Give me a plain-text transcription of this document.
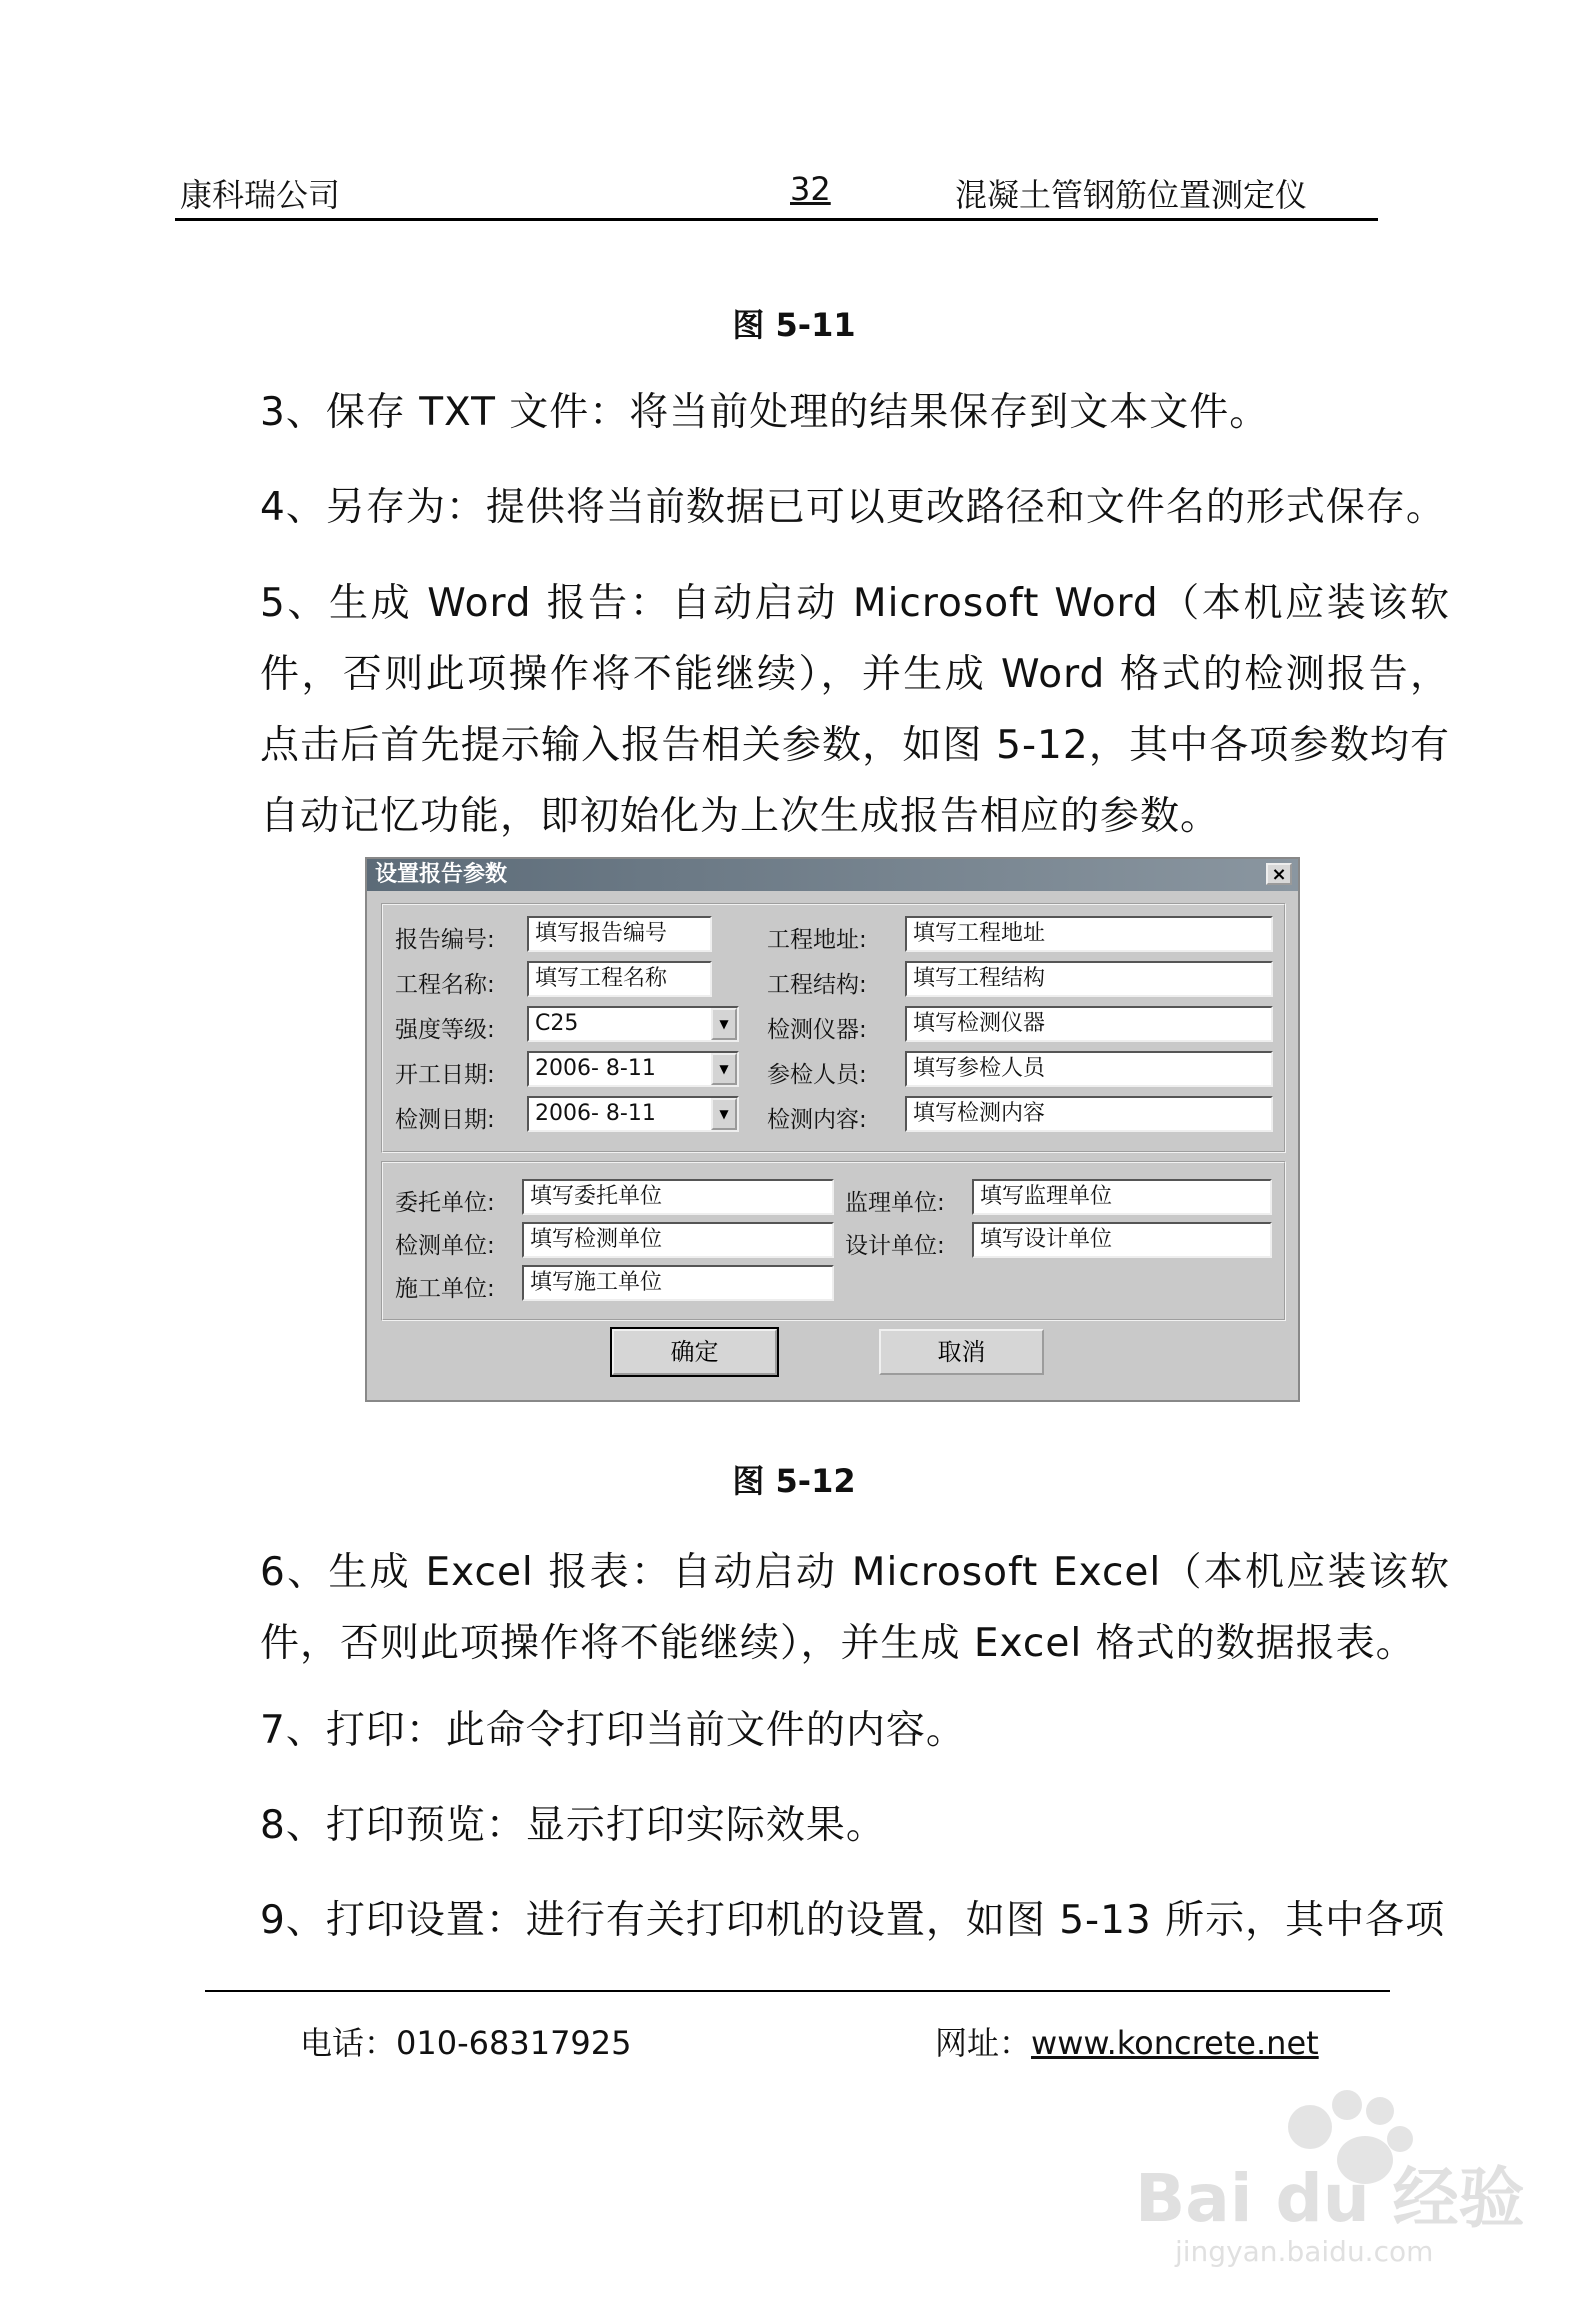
康科瑞公司	32	混凝土管钢筋位置测定仪
图 5-11
3、保存 TXT 文件：将当前处理的结果保存到文本文件。
4、另存为：提供将当前数据已可以更改路径和文件名的形式保存。
5、生成 Word 报告：自动启动 Microsoft Word（本机应装该软件，否则此项操作将不能继续），并生成 Word 格式的检测报告，点击后首先提示输入报告相关参数，如图 5-12，其中各项参数均有自动记忆功能，即初始化为上次生成报告相应的参数。
设置报告参数	×
报告编号:	填写报告编号
工程名称:	填写工程名称
强度等级:	C25	▼
开工日期:	2006- 8-11	▼
检测日期:	2006- 8-11	▼
工程地址:	填写工程地址
工程结构:	填写工程结构
检测仪器:	填写检测仪器
参检人员:	填写参检人员
检测内容:	填写检测内容
委托单位:	填写委托单位
检测单位:	填写检测单位
施工单位:	填写施工单位
监理单位:	填写监理单位
设计单位:	填写设计单位
确定	取消
图 5-12
6、生成 Excel 报表：自动启动 Microsoft Excel（本机应装该软件，否则此项操作将不能继续），并生成 Excel 格式的数据报表。
7、打印：此命令打印当前文件的内容。
8、打印预览：显示打印实际效果。
9、打印设置：进行有关打印机的设置，如图 5-13 所示，其中各项
电话：010-68317925	网址：www.koncrete.net
Bai du 经验
jingyan.baidu.com
